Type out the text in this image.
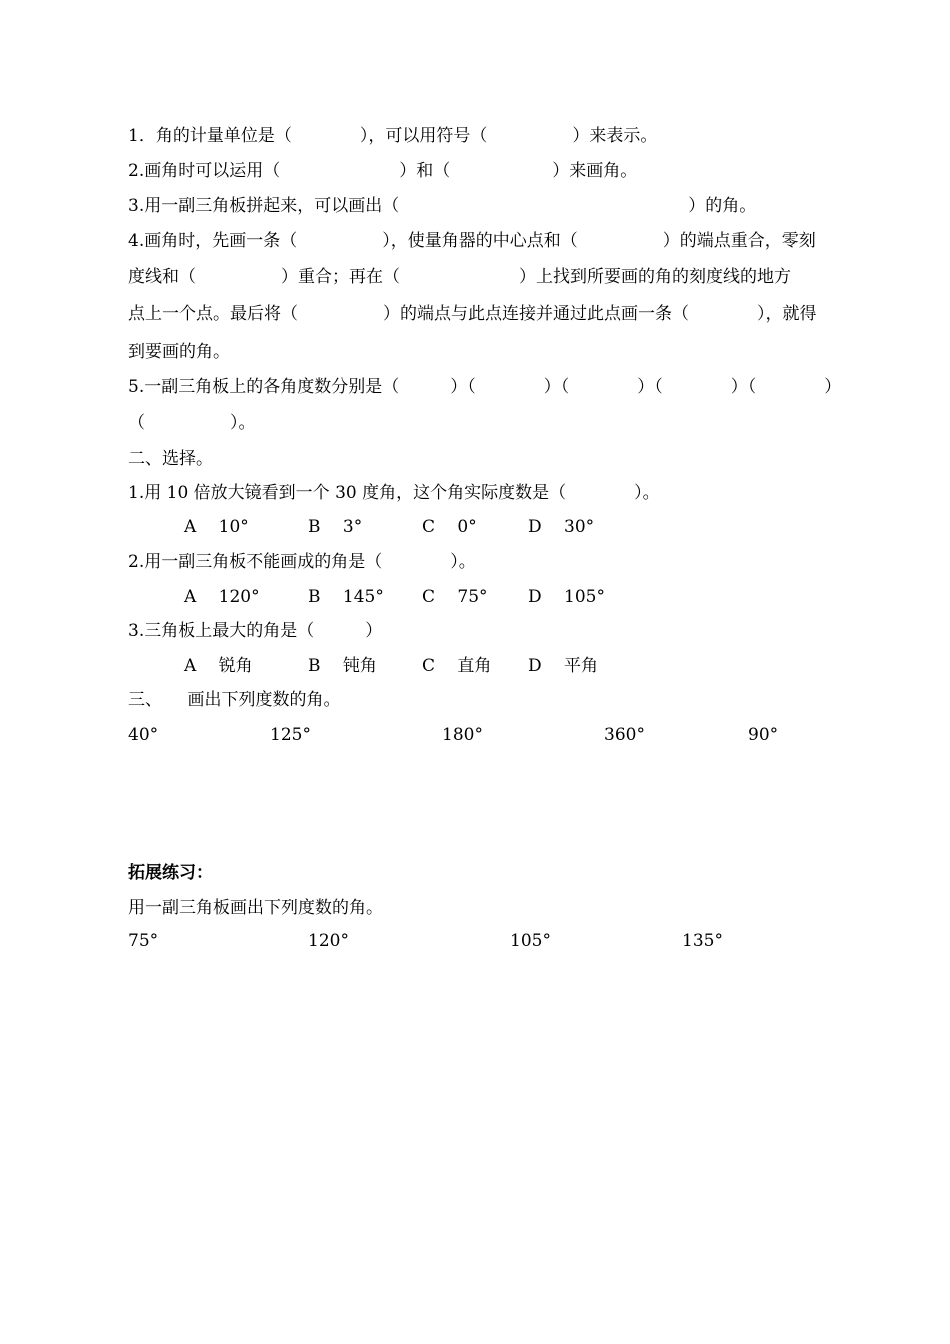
1．角的计量单位是（　　　　），可以用符号（　　　　　）来表示。
2.画角时可以运用（　　　　　　　）和（　　　　　　）来画角。
3.用一副三角板拼起来，可以画出（　　　　　　　　　　　　　　　　　）的角。
4.画角时，先画一条（　　　　　），使量角器的中心点和（　　　　　）的端点重合，零刻
度线和（　　　　　）重合；再在（　　　　　　　）上找到所要画的角的刻度线的地方
点上一个点。最后将（　　　　　）的端点与此点连接并通过此点画一条（　　　　），就得
到要画的角。
5.一副三角板上的各角度数分别是（　　　）（　　　　）（　　　　）（　　　　）（　　　　）
（　　　　　）。
二、选择。
1.用 10 倍放大镜看到一个 30 度角，这个角实际度数是（　　　　）。
A　 10°	B　 3°	C　 0°	D　 30°
2.用一副三角板不能画成的角是（　　　　）。
A　 120°	B　 145° C　 75° D　 105°
3.三角板上最大的角是（　　　）
A　 锐角	B　 钝角	C　 直角 D　 平角
三、　　画出下列度数的角。
40°	125°	180°	360°	90°
拓展练习：
用一副三角板画出下列度数的角。
75°	120°	105°	135°
